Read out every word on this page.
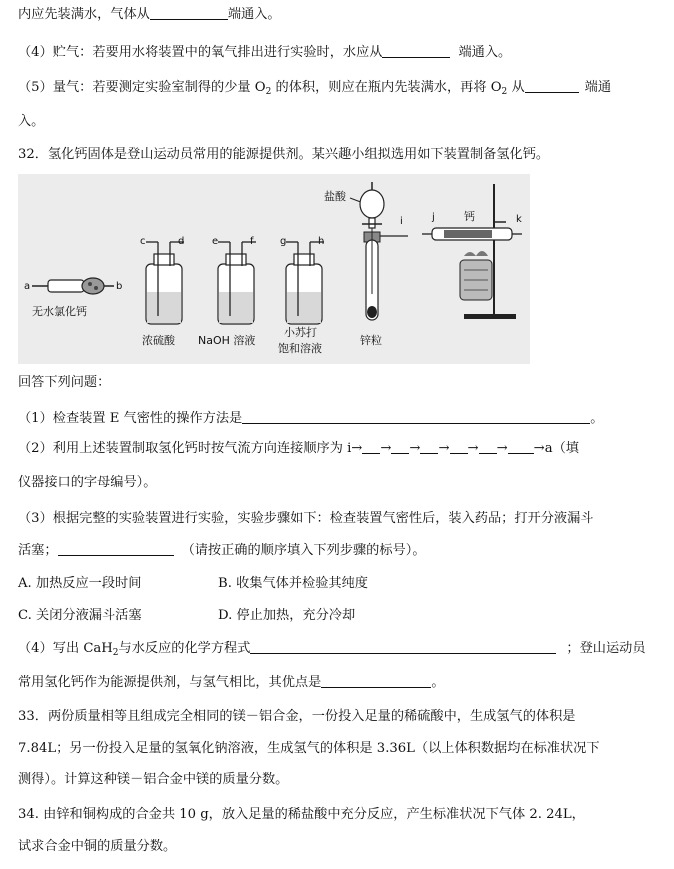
内应先装满水，气体从	端通入。
（4）贮气：若要用水将装置中的氧气排出进行实验时，水应从	端通入。
（5）量气：若要测定实验室制得的少量 $O_2$ 的体积，则应在瓶内先装满水，再将 $O_2$ 从	端通
入。
32．氢化钙固体是登山运动员常用的能源提供剂。某兴趣小组拟选用如下装置制备氢化钙。
a	b
无水氯化钙
c	d
浓硫酸
e	f
NaOH 溶液
g	h
小苏打
饱和溶液
盐酸
i
锌粒
j	k
钙
回答下列问题：
（1）检查装置 E 气密性的操作方法是	。
（2）利用上述装置制取氢化钙时按气流方向连接顺序为 i→ → → → → → →a（填
仪器接口的字母编号）。
（3）根据完整的实验装置进行实验，实验步骤如下：检查装置气密性后，装入药品；打开分液漏斗
活塞；	（请按正确的顺序填入下列步骤的标号）。
A. 加热反应一段时间	B. 收集气体并检验其纯度
C. 关闭分液漏斗活塞	D. 停止加热，充分冷却
（4）写出 CaH$_2$与水反应的化学方程式	；登山运动员
常用氢化钙作为能源提供剂，与氢气相比，其优点是	。
33．两份质量相等且组成完全相同的镁－铝合金，一份投入足量的稀硫酸中，生成氢气的体积是
7.84L；另一份投入足量的氢氧化钠溶液，生成氢气的体积是 3.36L（以上体积数据均在标准状况下
测得）。计算这种镁－铝合金中镁的质量分数。
34. 由锌和铜构成的合金共 10 g，放入足量的稀盐酸中充分反应，产生标准状况下气体 2. 24L，
试求合金中铜的质量分数。
